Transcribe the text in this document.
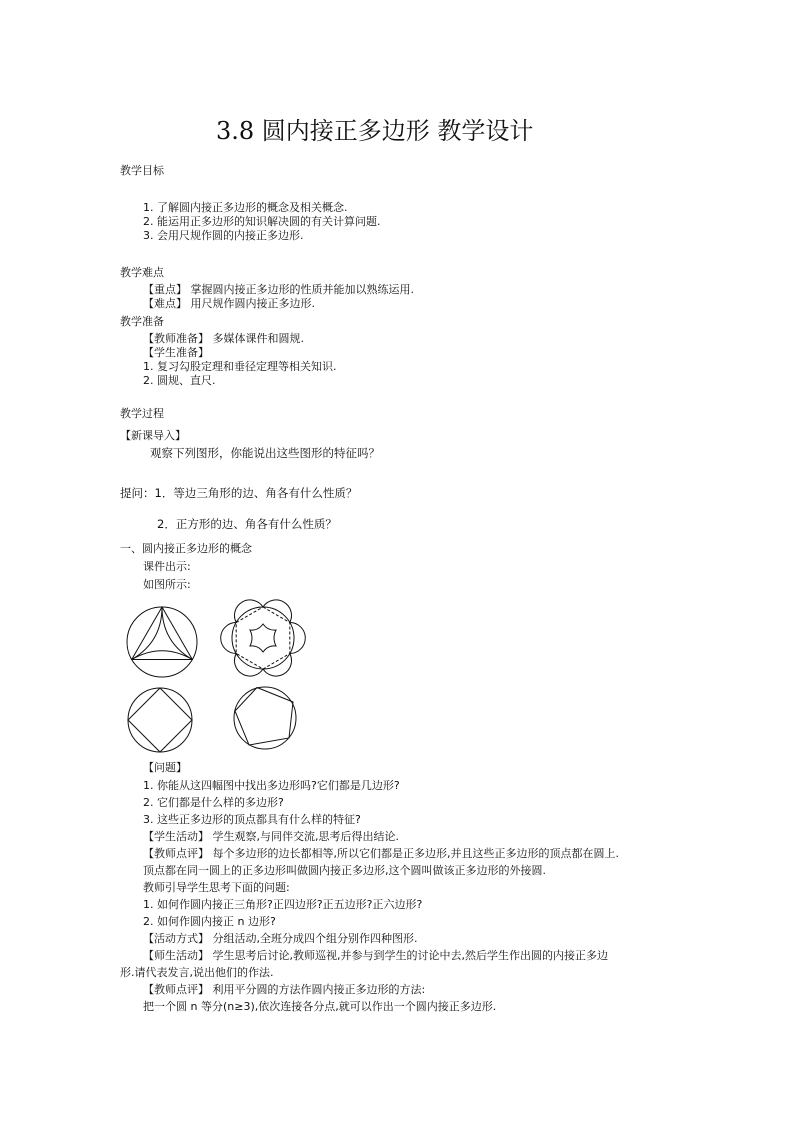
3.8 圆内接正多边形 教学设计
教学目标
1. 了解圆内接正多边形的概念及相关概念.
2. 能运用正多边形的知识解决圆的有关计算问题.
3. 会用尺规作圆的内接正多边形.
教学难点
【重点】 掌握圆内接正多边形的性质并能加以熟练运用.
【难点】 用尺规作圆内接正多边形.
教学准备
【教师准备】 多媒体课件和圆规.
【学生准备】
1. 复习勾股定理和垂径定理等相关知识.
2. 圆规、直尺.
教学过程
【新课导入】
观察下列图形，你能说出这些图形的特征吗？
提问：1．等边三角形的边、角各有什么性质？
2．正方形的边、角各有什么性质？
一、圆内接正多边形的概念
课件出示:
如图所示:
【问题】
1. 你能从这四幅图中找出多边形吗?它们都是几边形?
2. 它们都是什么样的多边形?
3. 这些正多边形的顶点都具有什么样的特征?
【学生活动】 学生观察,与同伴交流,思考后得出结论.
【教师点评】 每个多边形的边长都相等,所以它们都是正多边形,并且这些正多边形的顶点都在圆上.
顶点都在同一圆上的正多边形叫做圆内接正多边形,这个圆叫做该正多边形的外接圆.
教师引导学生思考下面的问题:
1. 如何作圆内接正三角形?正四边形?正五边形?正六边形?
2. 如何作圆内接正 n 边形?
【活动方式】 分组活动,全班分成四个组分别作四种图形.
【师生活动】 学生思考后讨论,教师巡视,并参与到学生的讨论中去,然后学生作出圆的内接正多边
形.请代表发言,说出他们的作法.
【教师点评】 利用平分圆的方法作圆内接正多边形的方法:
把一个圆 n 等分(n≥3),依次连接各分点,就可以作出一个圆内接正多边形.
